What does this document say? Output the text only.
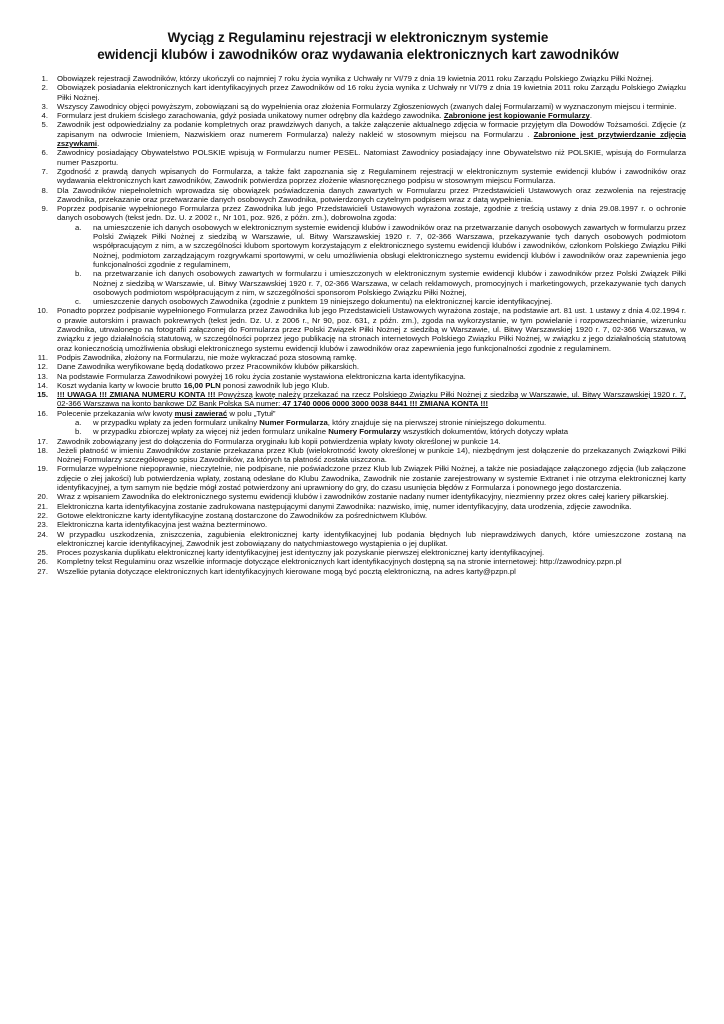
Wyciąg z Regulaminu rejestracji w elektronicznym systemie
ewidencji klubów i zawodników oraz wydawania elektronicznych kart zawodników
1. Obowiązek rejestracji Zawodników, którzy ukończyli co najmniej 7 roku życia wynika z Uchwały nr VI/79 z dnia 19 kwietnia 2011 roku Zarządu Polskiego Związku Piłki Nożnej.
2. Obowiązek posiadania elektronicznych kart identyfikacyjnych przez Zawodników od 16 roku życia wynika z Uchwały nr VI/79 z dnia 19 kwietnia 2011 roku Zarządu Polskiego Związku Piłki Nożnej.
3. Wszyscy Zawodnicy objęci powyższym, zobowiązani są do wypełnienia oraz złożenia Formularzy Zgłoszeniowych (zwanych dalej Formularzami) w wyznaczonym miejscu i terminie.
4. Formularz jest drukiem ścisłego zarachowania, gdyż posiada unikatowy numer odrębny dla każdego zawodnika. Zabronione jest kopiowanie Formularzy.
5. Zawodnik jest odpowiedzialny za podanie kompletnych oraz prawdziwych danych, a także załączenie aktualnego zdjęcia w formacie przyjętym dla Dowodów Tożsamości. Zdjęcie (z zapisanym na odwrocie Imieniem, Nazwiskiem oraz numerem Formularza) należy nakleić w stosownym miejscu na Formularzu . Zabronione jest przytwierdzanie zdjęcia zszywkami.
6. Zawodnicy posiadający Obywatelstwo POLSKIE wpisują w Formularzu numer PESEL. Natomiast Zawodnicy posiadający inne Obywatelstwo niż POLSKIE, wpisują do Formularza numer Paszportu.
7. Zgodność z prawdą danych wpisanych do Formularza, a także fakt zapoznania się z Regulaminem rejestracji w elektronicznym systemie ewidencji klubów i zawodników oraz wydawania elektronicznych kart zawodników, Zawodnik potwierdza poprzez złożenie własnoręcznego podpisu w stosownym miejscu Formularza.
8. Dla Zawodników niepełnoletnich wprowadza się obowiązek poświadczenia danych zawartych w Formularzu przez Przedstawicieli Ustawowych oraz zezwolenia na rejestrację Zawodnika, przekazanie oraz przetwarzanie danych osobowych Zawodnika, potwierdzonych czytelnym podpisem wraz z datą wypełnienia.
9. Poprzez podpisanie wypełnionego Formularza przez Zawodnika lub jego Przedstawicieli Ustawowych wyrażona zostaje, zgodnie z treścią ustawy z dnia 29.08.1997 r. o ochronie danych osobowych (tekst jedn. Dz. U. z 2002 r., Nr 101, poz. 926, z późn. zm.), dobrowolna zgoda:
a. na umieszczenie ich danych osobowych w elektronicznym systemie ewidencji klubów i zawodników oraz na przetwarzanie danych osobowych zawartych w formularzu przez Polski Związek Piłki Nożnej z siedzibą w Warszawie, ul. Bitwy Warszawskiej 1920 r. 7, 02-366 Warszawa, przekazywanie tych danych osobowych podmiotom współpracującym z nim, a w szczególności klubom sportowym korzystającym z elektronicznego systemu ewidencji klubów i zawodników, członkom Polskiego Związku Piłki Nożnej, podmiotom zarządzającym rozgrywkami sportowymi, w celu umożliwienia obsługi elektronicznego systemu ewidencji klubów i zawodników oraz zapewnienia jego funkcjonalności zgodnie z regulaminem,
b. na przetwarzanie ich danych osobowych zawartych w formularzu i umieszczonych w elektronicznym systemie ewidencji klubów i zawodników przez Polski Związek Piłki Nożnej z siedzibą w Warszawie, ul. Bitwy Warszawskiej 1920 r. 7, 02-366 Warszawa, w celach reklamowych, promocyjnych i marketingowych, przekazywanie tych danych osobowych podmiotom współpracującym z nim, w szczególności sponsorom Polskiego Związku Piłki Nożnej,
c. umieszczenie danych osobowych Zawodnika (zgodnie z punktem 19 niniejszego dokumentu) na elektronicznej karcie identyfikacyjnej.
10. Ponadto poprzez podpisanie wypełnionego Formularza przez Zawodnika lub jego Przedstawicieli Ustawowych wyrażona zostaje, na podstawie art. 81 ust. 1 ustawy z dnia 4.02.1994 r. o prawie autorskim i prawach pokrewnych (tekst jedn. Dz. U. z 2006 r., Nr 90, poz. 631, z późn. zm.), zgoda na wykorzystanie, w tym powielanie i rozpowszechnianie, wizerunku Zawodnika, utrwalonego na fotografii załączonej do Formularza przez Polski Związek Piłki Nożnej z siedzibą w Warszawie, ul. Bitwy Warszawskiej 1920 r. 7, 02-366 Warszawa, w związku z jego działalnością statutową, w szczególności poprzez jego publikację na stronach internetowych Polskiego Związku Piłki Nożnej, w związku z jego działalnością statutową oraz koniecznością umożliwienia obsługi elektronicznego systemu ewidencji klubów i zawodników oraz zapewnienia jego funkcjonalności zgodnie z regulaminem.
11. Podpis Zawodnika, złożony na Formularzu, nie może wykraczać poza stosowną ramkę.
12. Dane Zawodnika weryfikowane będą dodatkowo przez Pracowników klubów piłkarskich.
13. Na podstawie Formularza Zawodnikowi powyżej 16 roku życia zostanie wystawiona elektroniczna karta identyfikacyjna.
14. Koszt wydania karty w kwocie brutto 16,00 PLN ponosi zawodnik lub jego Klub.
15. !!! UWAGA !!! ZMIANA NUMERU KONTA !!! Powyższą kwotę należy przekazać na rzecz Polskiego Związku Piłki Nożnej z siedzibą w Warszawie, ul. Bitwy Warszawskiej 1920 r. 7, 02-366 Warszawa na konto bankowe DZ Bank Polska SA numer: 47 1740 0006 0000 3000 0038 8441 !!! ZMIANA KONTA !!!
16. Polecenie przekazania w/w kwoty musi zawierać w polu „Tytuł”
a. w przypadku wpłaty za jeden formularz unikalny Numer Formularza, który znajduje się na pierwszej stronie niniejszego dokumentu.
b. w przypadku zbiorczej wpłaty za więcej niż jeden formularz unikalne Numery Formularzy wszystkich dokumentów, których dotyczy wpłata
17. Zawodnik zobowiązany jest do dołączenia do Formularza oryginału lub kopii potwierdzenia wpłaty kwoty określonej w punkcie 14.
18. Jeżeli płatność w imieniu Zawodników zostanie przekazana przez Klub (wielokrotność kwoty określonej w punkcie 14), niezbędnym jest dołączenie do przekazanych Związkowi Piłki Nożnej Formularzy szczegółowego spisu Zawodników, za których ta płatność została uiszczona.
19. Formularze wypełnione niepoprawnie, nieczytelnie, nie podpisane, nie poświadczone przez Klub lub Związek Piłki Nożnej, a także nie posiadające załączonego zdjęcia (lub załączone zdjęcie o złej jakości) lub potwierdzenia wpłaty, zostaną odesłane do Klubu Zawodnika, Zawodnik nie zostanie zarejestrowany w systemie Extranet i nie otrzyma elektronicznej karty identyfikacyjnej, a tym samym nie będzie mógł zostać potwierdzony ani uprawniony do gry, do czasu usunięcia błędów z Formularza i ponownego jego dostarczenia.
20. Wraz z wpisaniem Zawodnika do elektronicznego systemu ewidencji klubów i zawodników zostanie nadany numer identyfikacyjny, niezmienny przez okres całej kariery piłkarskiej.
21. Elektroniczna karta identyfikacyjna zostanie zadrukowana następującymi danymi Zawodnika: nazwisko, imię, numer identyfikacyjny, data urodzenia, zdjęcie zawodnika.
22. Gotowe elektroniczne karty identyfikacyjne zostaną dostarczone do Zawodników za pośrednictwem Klubów.
23. Elektroniczna karta identyfikacyjna jest ważna bezterminowo.
24. W przypadku uszkodzenia, zniszczenia, zagubienia elektronicznej karty identyfikacyjnej lub podania błędnych lub nieprawdziwych danych, które umieszczone zostaną na elektronicznej karcie identyfikacyjnej, Zawodnik jest zobowiązany do natychmiastowego wystąpienia o jej duplikat.
25. Proces pozyskania duplikatu elektronicznej karty identyfikacyjnej jest identyczny jak pozyskanie pierwszej elektronicznej karty identyfikacyjnej.
26. Kompletny tekst Regulaminu oraz wszelkie informacje dotyczące elektronicznych kart identyfikacyjnych dostępną są na stronie internetowej: http://zawodnicy.pzpn.pl
27. Wszelkie pytania dotyczące elektronicznych kart identyfikacyjnych kierowane mogą być pocztą elektroniczną, na adres karty@pzpn.pl
